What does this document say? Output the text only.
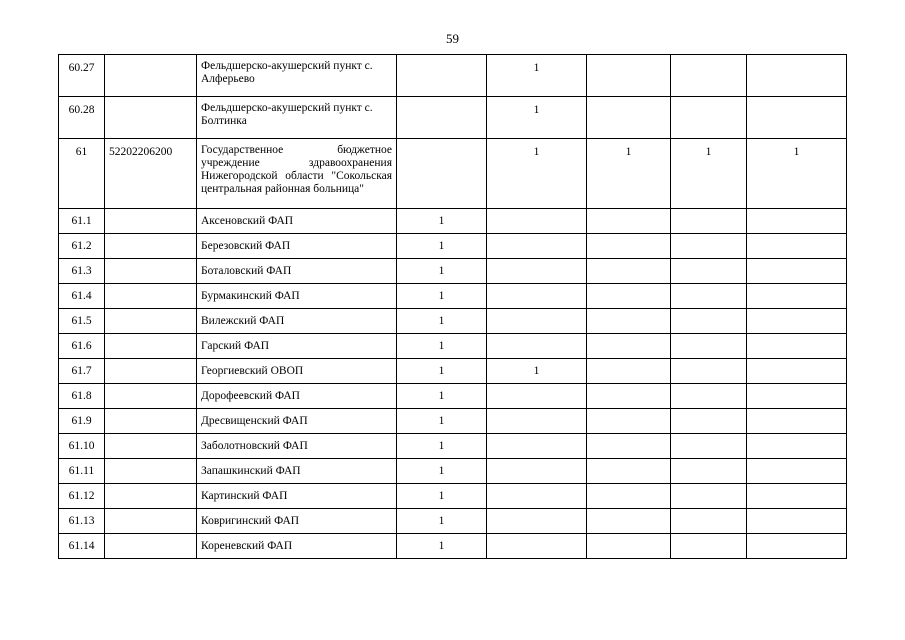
59
60.27		Фельдшерско-акушерский пункт с. Алферьево		1			
60.28		Фельдшерско-акушерский пункт с. Болтинка		1			
61	52202206200	Государственное бюджетное учреждение здравоохранения Нижегородской области "Сокольская центральная районная больница"		1	1	1	1
61.1		Аксеновский ФАП	1				
61.2		Березовский ФАП	1				
61.3		Боталовский ФАП	1				
61.4		Бурмакинский ФАП	1				
61.5		Вилежский ФАП	1				
61.6		Гарский ФАП	1				
61.7		Георгиевский ОВОП	1	1			
61.8		Дорофеевский ФАП	1				
61.9		Дресвищенский ФАП	1				
61.10		Заболотновский ФАП	1				
61.11		Запашкинский ФАП	1				
61.12		Картинский ФАП	1				
61.13		Ковригинский ФАП	1				
61.14		Кореневский ФАП	1				
